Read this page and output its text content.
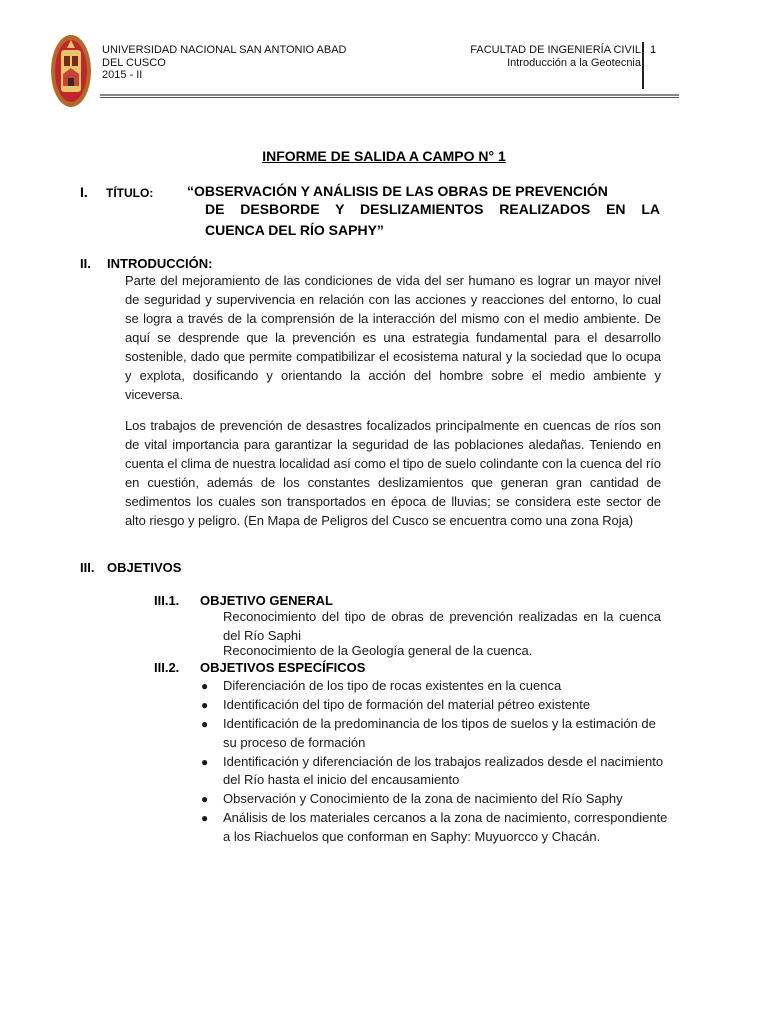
UNIVERSIDAD NACIONAL SAN ANTONIO ABAD
DEL CUSCO
2015 - II
FACULTAD DE INGENIERÍA CIVIL
Introducción a la Geotecnia
1
INFORME DE SALIDA A CAMPO N° 1
I. TÍTULO: “OBSERVACIÓN Y ANÁLISIS DE LAS OBRAS DE PREVENCIÓN
DE DESBORDE Y DESLIZAMIENTOS REALIZADOS EN LA
CUENCA DEL RÍO SAPHY”
II. INTRODUCCIÓN:
Parte del mejoramiento de las condiciones de vida del ser humano es lograr un mayor nivel de seguridad y supervivencia en relación con las acciones y reacciones del entorno, lo cual se logra a través de la comprensión de la interacción del mismo con el medio ambiente. De aquí se desprende que la prevención es una estrategia fundamental para el desarrollo sostenible, dado que permite compatibilizar el ecosistema natural y la sociedad que lo ocupa y explota, dosificando y orientando la acción del hombre sobre el medio ambiente y viceversa.
Los trabajos de prevención de desastres focalizados principalmente en cuencas de ríos son de vital importancia para garantizar la seguridad de las poblaciones aledañas. Teniendo en cuenta el clima de nuestra localidad así como el tipo de suelo colindante con la cuenca del río en cuestión, además de los constantes deslizamientos que generan gran cantidad de sedimentos los cuales son transportados en época de lluvias; se considera este sector de alto riesgo y peligro. (En Mapa de Peligros del Cusco se encuentra como una zona Roja)
III. OBJETIVOS
III.1. OBJETIVO GENERAL
Reconocimiento del tipo de obras de prevención realizadas en la cuenca del Río Saphi
Reconocimiento de la Geología general de la cuenca.
III.2. OBJETIVOS ESPECÍFICOS
● Diferenciación de los tipo de rocas existentes en la cuenca
● Identificación del tipo de formación del material pétreo existente
● Identificación de la predominancia de los tipos de suelos y la estimación de su proceso de formación
● Identificación y diferenciación de los trabajos realizados desde el nacimiento del Río hasta el inicio del encausamiento
● Observación y Conocimiento de la zona de nacimiento del Río Saphy
● Análisis de los materiales cercanos a la zona de nacimiento, correspondiente a los Riachuelos que conforman en Saphy: Muyuorcco y Chacán.
